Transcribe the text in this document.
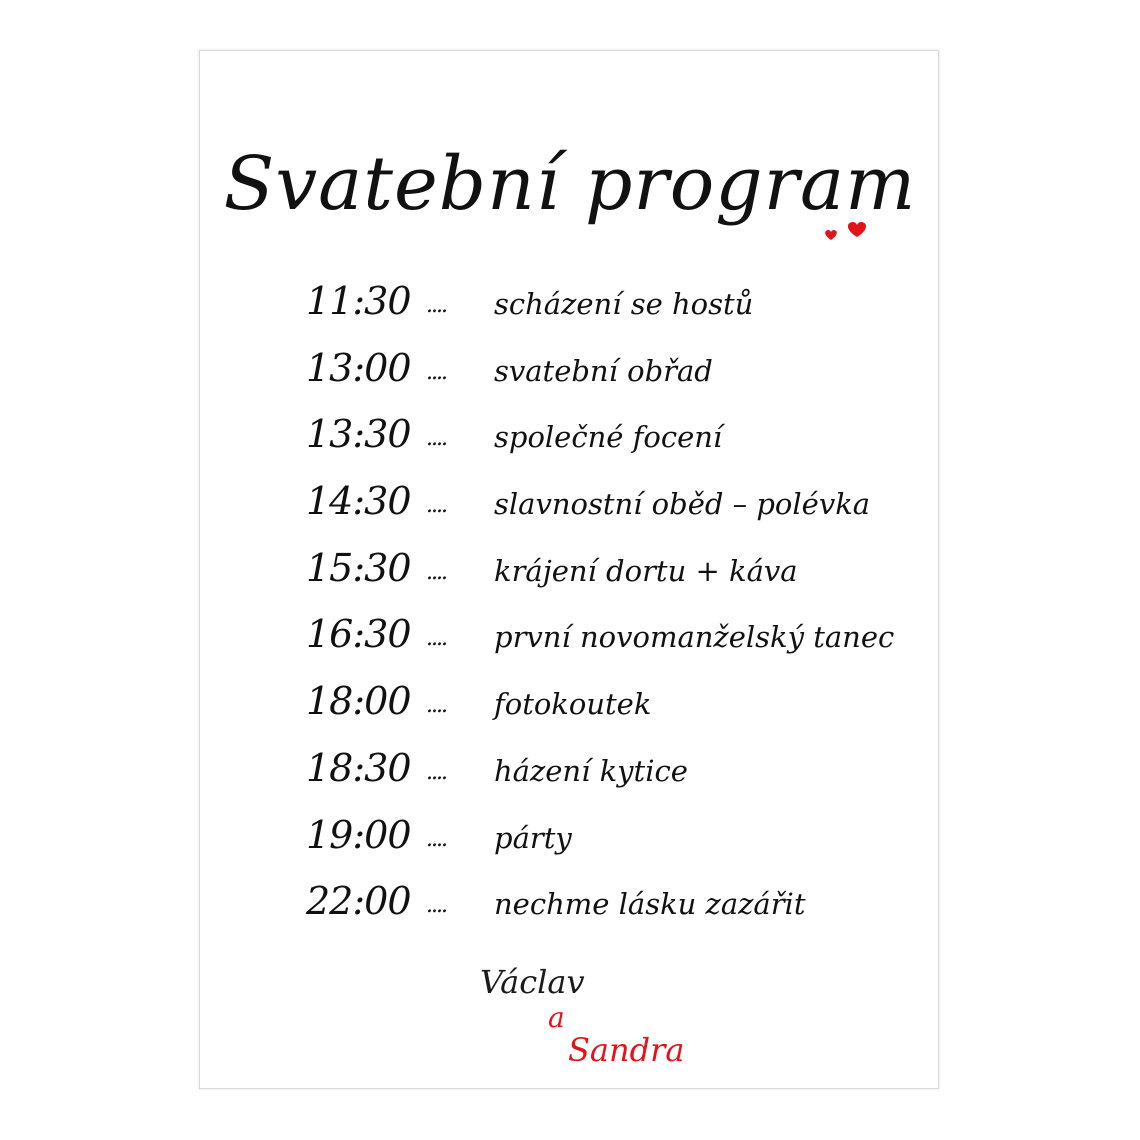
Svatební program
11:30 .... scházení se hostů
13:00 .... svatební obřad
13:30 .... společné focení
14:30 .... slavnostní oběd – polévka
15:30 .... krájení dortu + káva
16:30 .... první novomanželský tanec
18:00 .... fotokoutek
18:30 .... házení kytice
19:00 .... párty
22:00 .... nechme lásku zazářit
Václav
a
Sandra
